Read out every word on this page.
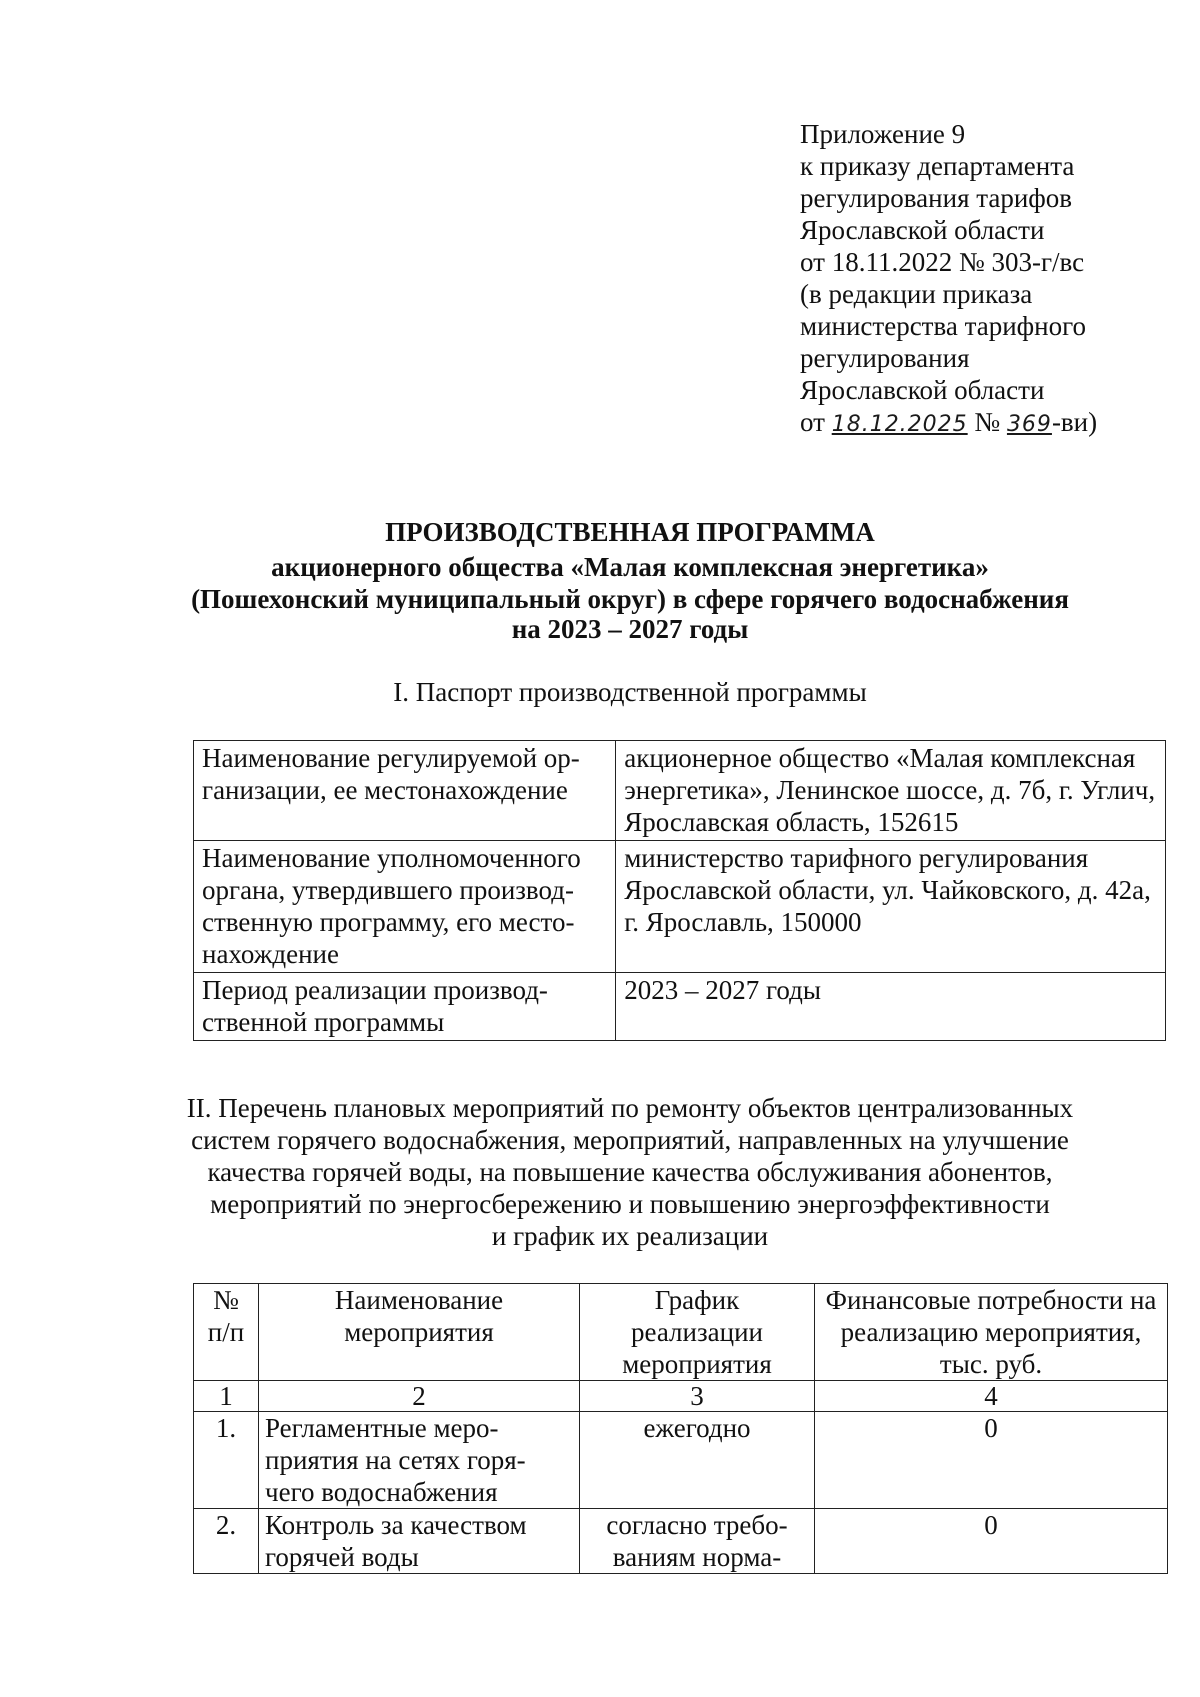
Приложение 9
к приказу департамента
регулирования тарифов
Ярославской области
от 18.11.2022 № 303-г/вс
(в редакции приказа
министерства тарифного
регулирования
Ярославской области
от 18.12.2025 № 369-ви)
ПРОИЗВОДСТВЕННАЯ ПРОГРАММА
акционерного общества «Малая комплексная энергетика»
(Пошехонский муниципальный округ) в сфере горячего водоснабжения
на 2023 – 2027 годы
I. Паспорт производственной программы
Наименование регулируемой ор-ганизации, ее местонахождение	акционерное общество «Малая комплексная энергетика», Ленинское шоссе, д. 7б, г. Углич, Ярославская область, 152615
Наименование уполномоченного органа, утвердившего производ-ственную программу, его место-нахождение	министерство тарифного регулирования Ярославской области, ул. Чайковского, д. 42а, г. Ярославль, 150000
Период реализации производ-ственной программы	2023 – 2027 годы
II. Перечень плановых мероприятий по ремонту объектов централизованных
систем горячего водоснабжения, мероприятий, направленных на улучшение
качества горячей воды, на повышение качества обслуживания абонентов,
мероприятий по энергосбережению и повышению энергоэффективности
и график их реализации
№ п/п	Наименование мероприятия	График реализации мероприятия	Финансовые потребности на реализацию мероприятия, тыс. руб.
1	2	3	4
1.	Регламентные меро-приятия на сетях горя-чего водоснабжения	ежегодно	0
2.	Контроль за качеством горячей воды	согласно требо-ваниям норма-	0
